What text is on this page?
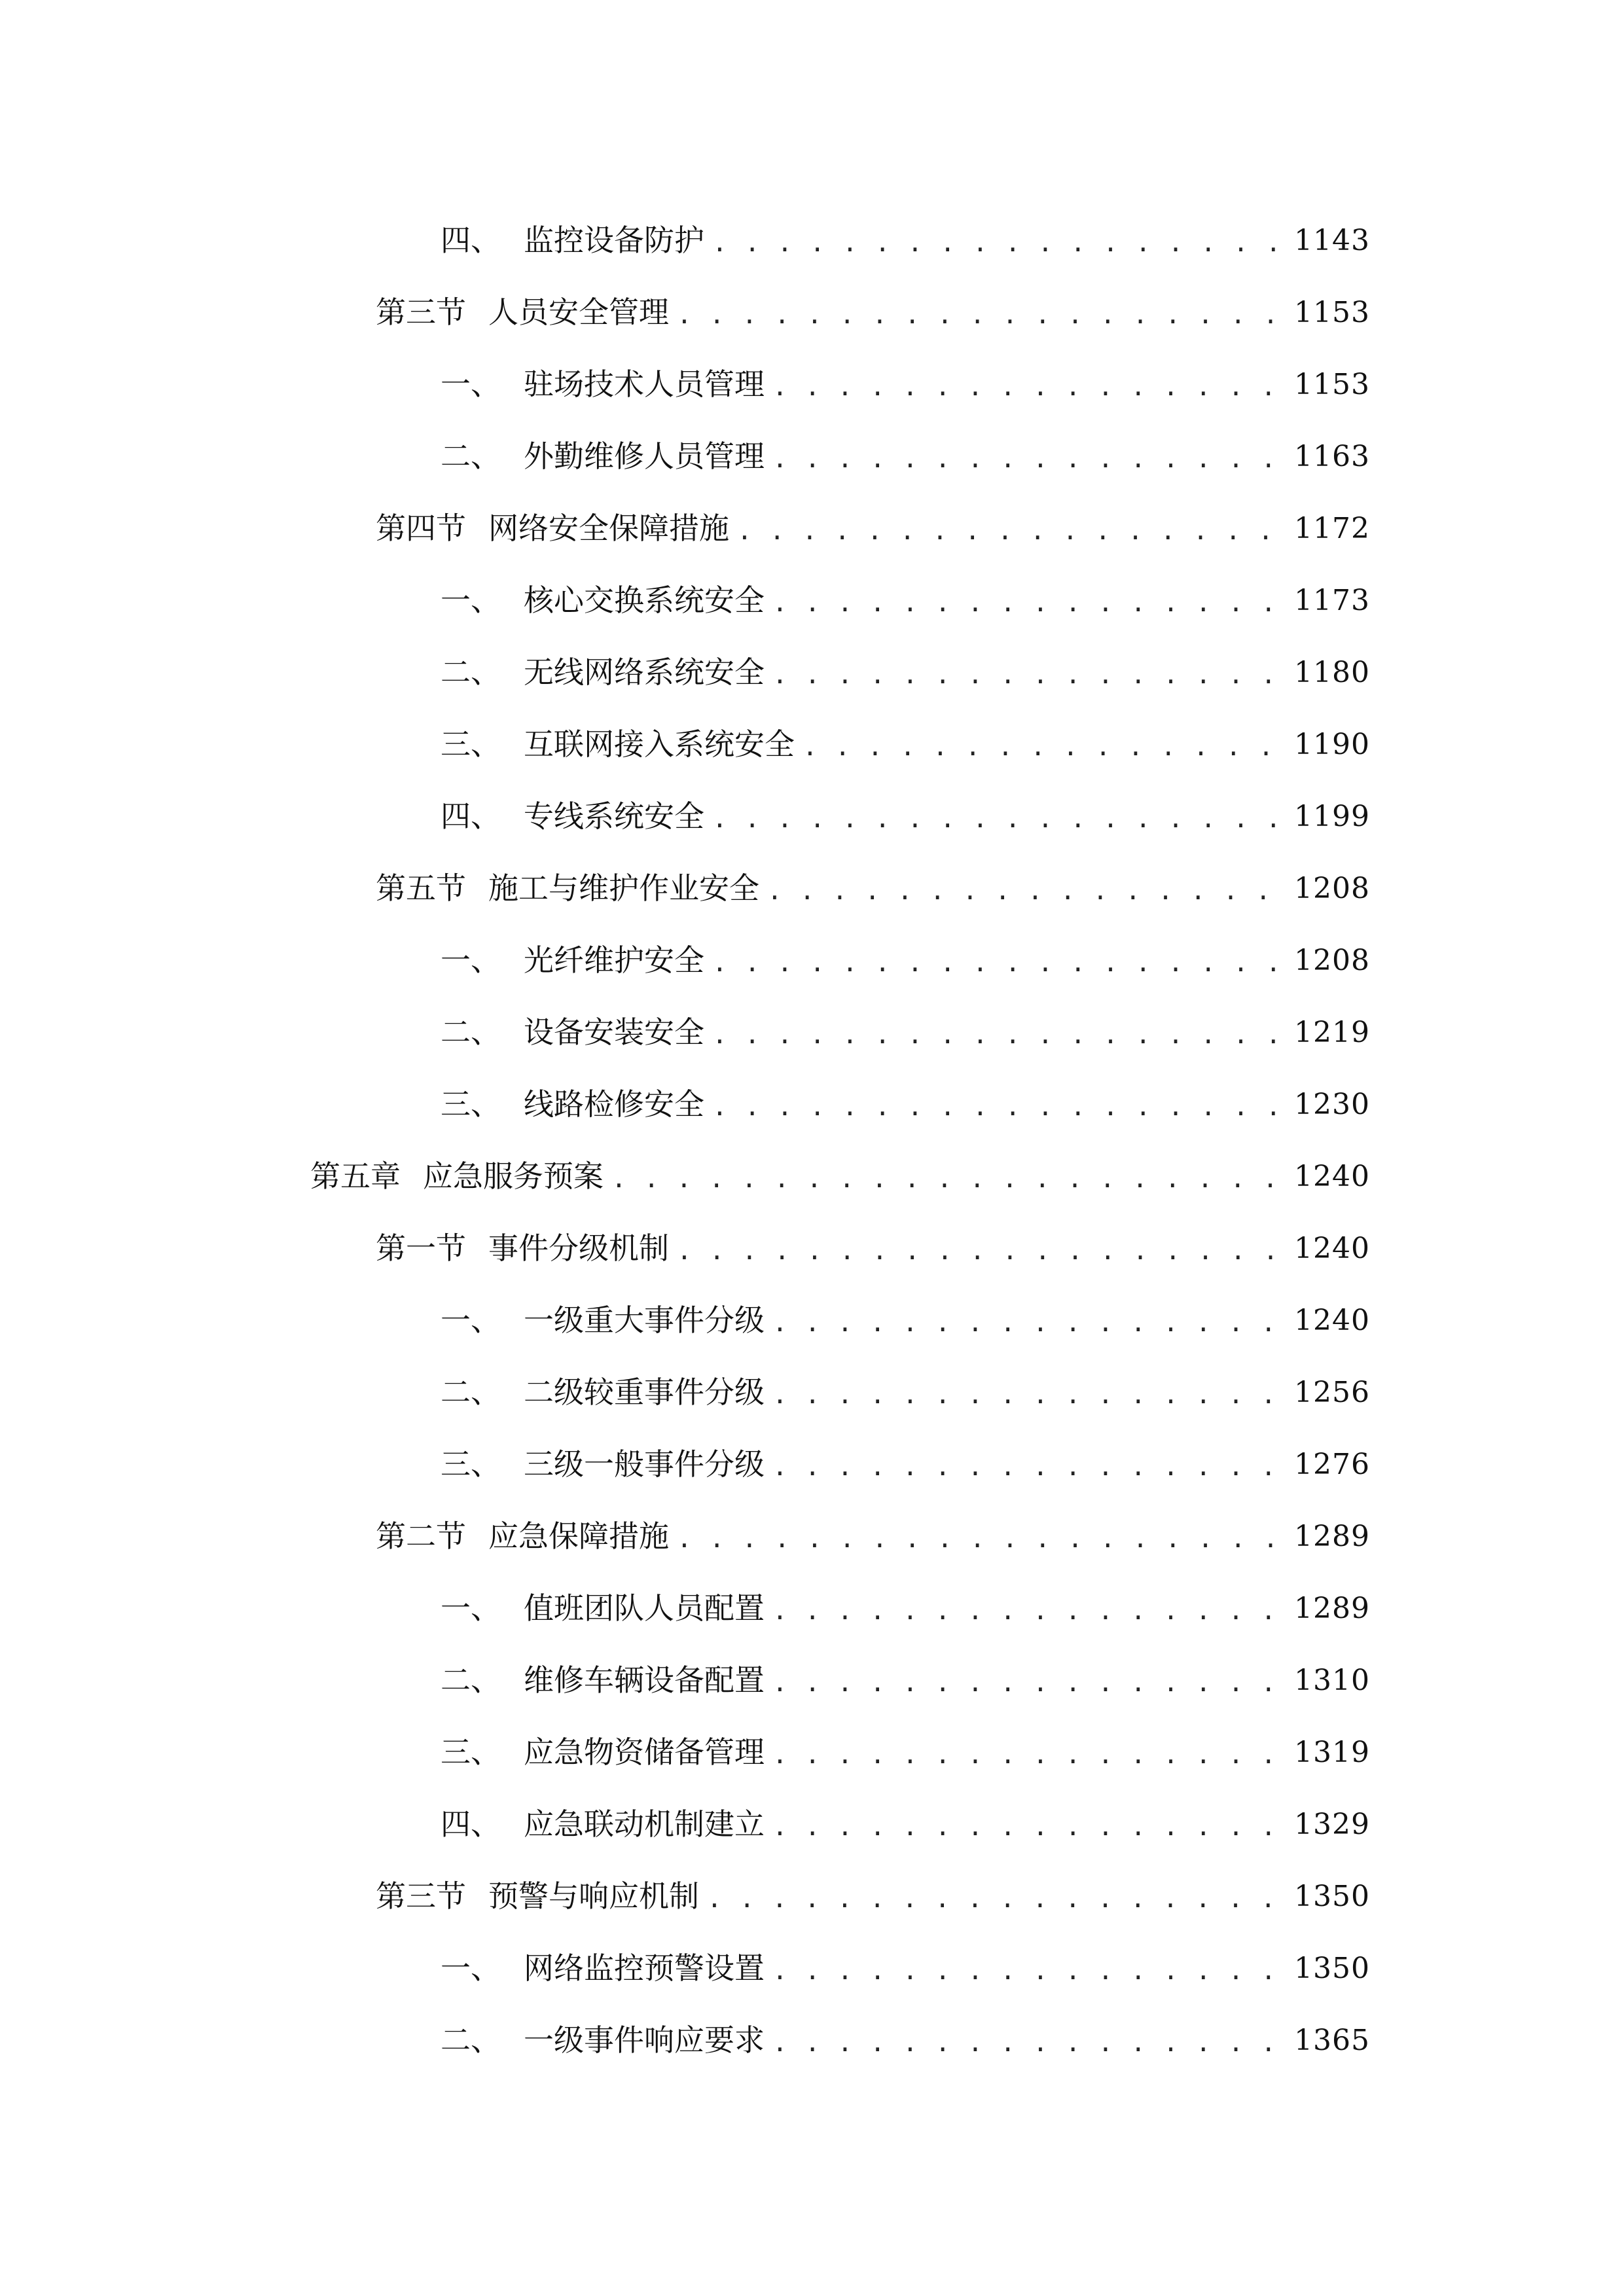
四、 监控设备防护 . . .	1143
第三节 人员安全管理 . . .	1153
一、 驻场技术人员管理 . . .	1153
二、 外勤维修人员管理 . . .	1163
第四节 网络安全保障措施 . . .	1172
一、 核心交换系统安全 . . .	1173
二、 无线网络系统安全 . . .	1180
三、 互联网接入系统安全 . . .	1190
四、 专线系统安全 . . .	1199
第五节 施工与维护作业安全 . . .	1208
一、 光纤维护安全 . . .	1208
二、 设备安装安全 . . .	1219
三、 线路检修安全 . . .	1230
第五章 应急服务预案 . . .	1240
第一节 事件分级机制 . . .	1240
一、 一级重大事件分级 . . .	1240
二、 二级较重事件分级 . . .	1256
三、 三级一般事件分级 . . .	1276
第二节 应急保障措施 . . .	1289
一、 值班团队人员配置 . . .	1289
二、 维修车辆设备配置 . . .	1310
三、 应急物资储备管理 . . .	1319
四、 应急联动机制建立 . . .	1329
第三节 预警与响应机制 . . .	1350
一、 网络监控预警设置 . . .	1350
二、 一级事件响应要求 . . .	1365
